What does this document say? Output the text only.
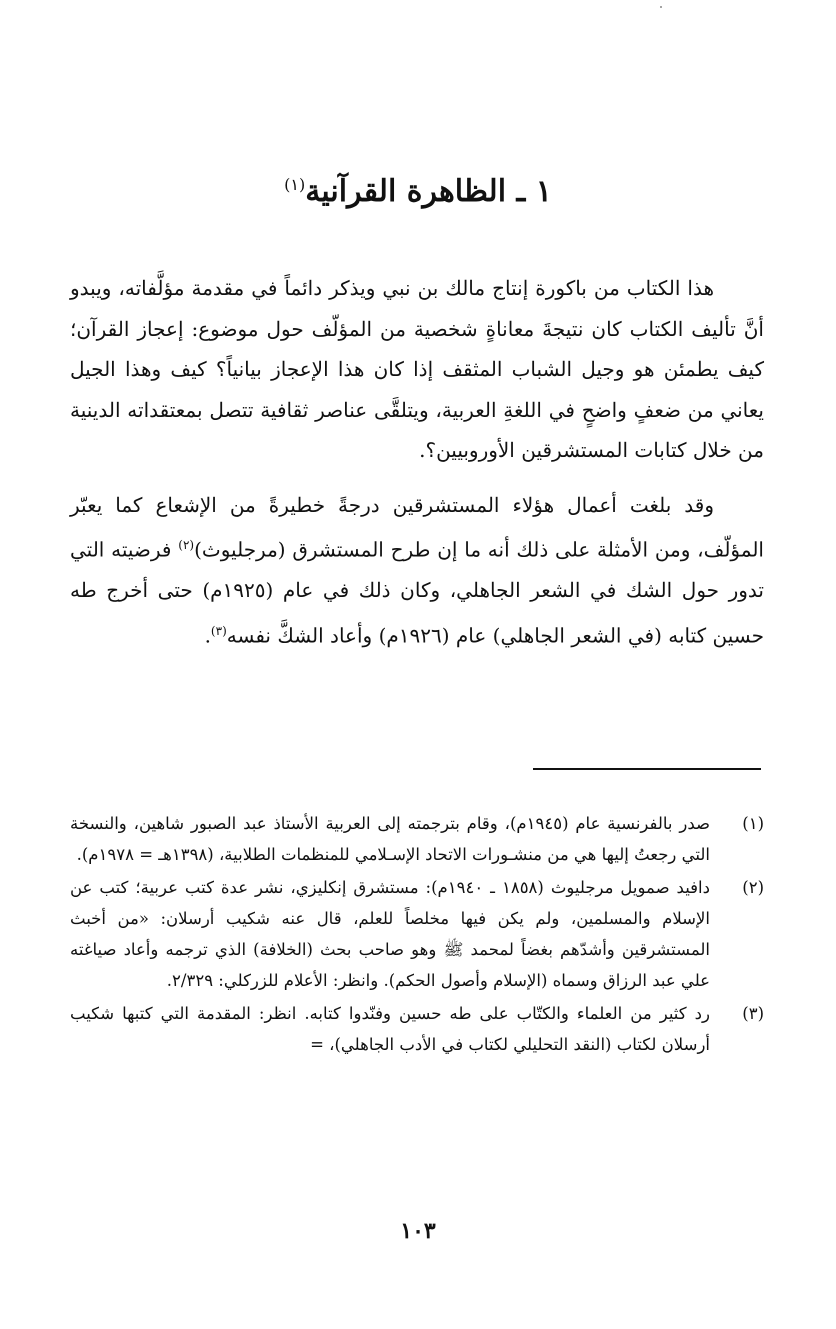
١ ـ الظاهرة القرآنية$^{(١)}$

هذا الكتاب من باكورة إنتاج مالك بن نبي ويذكر دائماً في مقدمة مؤلَّفاته، ويبدو أنَّ تأليف الكتاب كان نتيجةَ معاناةٍ شخصية من المؤلّف حول موضوع: إعجاز القرآن؛ كيف يطمئن هو وجيل الشباب المثقف إذا كان هذا الإعجاز بيانياً؟ كيف وهذا الجيل يعاني من ضعفٍ واضحٍ في اللغةِ العربية، ويتلقَّى عناصر ثقافية تتصل بمعتقداته الدينية من خلال كتابات المستشرقين الأوروبيين؟.

وقد بلغت أعمال هؤلاء المستشرقين درجةً خطيرةً من الإشعاع كما يعبّر المؤلّف، ومن الأمثلة على ذلك أنه ما إن طرح المستشرق (مرجليوث)$^{(٢)}$ فرضيته التي تدور حول الشك في الشعر الجاهلي، وكان ذلك في عام (١٩٢٥م) حتى أخرج طه حسين كتابه (في الشعر الجاهلي) عام (١٩٢٦م) وأعاد الشكَّ نفسه$^{(٣)}$.

(١)
صدر بالفرنسية عام (١٩٤٥م)، وقام بترجمته إلى العربية الأستاذ عبد الصبور شاهين، والنسخة التي رجعتُ إليها هي من منشـورات الاتحاد الإسـلامي للمنظمات الطلابية، (١٣٩٨هـ = ١٩٧٨م).
(٢)
دافيد صمويل مرجليوث (١٨٥٨ ـ ١٩٤٠م): مستشرق إنكليزي، نشر عدة كتب عربية؛ كتب عن الإسلام والمسلمين، ولم يكن فيها مخلصاً للعلم، قال عنه شكيب أرسلان: «من أخبث المستشرقين وأشدّهم بغضاً لمحمد ﷺ وهو صاحب بحث (الخلافة) الذي ترجمه وأعاد صياغته علي عبد الرزاق وسماه (الإسلام وأصول الحكم). وانظر: الأعلام للزركلي: ٢/٣٢٩.
(٣)
رد كثير من العلماء والكتّاب على طه حسين وفنّدوا كتابه. انظر: المقدمة التي كتبها شكيب أرسلان لكتاب (النقد التحليلي لكتاب في الأدب الجاهلي)، =
١٠٣
